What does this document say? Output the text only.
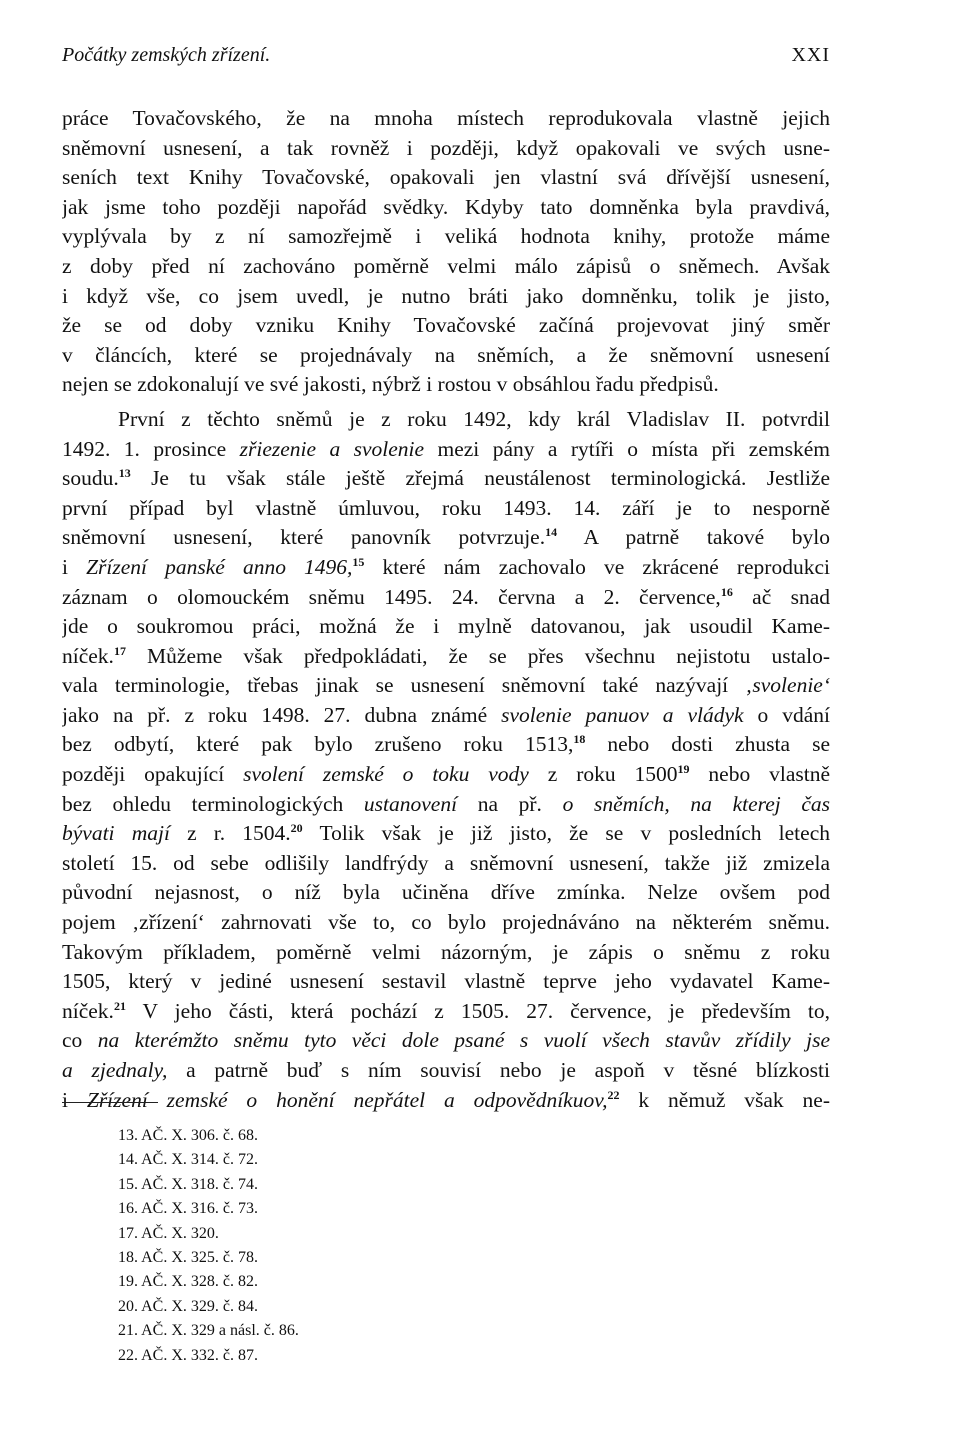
Počátky zemských zřízení.	XXI
práce Tovačovského, že na mnoha místech reprodukovala vlastně jejich
sněmovní usnesení, a tak rovněž i později, když opakovali ve svých usne-
seních text Knihy Tovačovské, opakovali jen vlastní svá dřívější usnesení,
jak jsme toho později napořád svědky. Kdyby tato domněnka byla pravdivá,
vyplývala by z ní samozřejmě i veliká hodnota knihy, protože máme
z doby před ní zachováno poměrně velmi málo zápisů o sněmech. Avšak
i když vše, co jsem uvedl, je nutno bráti jako domněnku, tolik je jisto,
že se od doby vzniku Knihy Tovačovské začíná projevovat jiný směr
v článcích, které se projednávaly na sněmích, a že sněmovní usnesení
nejen se zdokonalují ve své jakosti, nýbrž i rostou v obsáhlou řadu předpisů.
První z těchto sněmů je z roku 1492, kdy král Vladislav II. potvrdil
1492. 1. prosince zřiezenie a svolenie mezi pány a rytíři o místa při zemském
soudu.$^{13}$ Je tu však stále ještě zřejmá neustálenost terminologická. Jestliže
první případ byl vlastně úmluvou, roku 1493. 14. září je to nesporně
sněmovní usnesení, které panovník potvrzuje.$^{14}$ A patrně takové bylo
i Zřízení panské anno 1496,15 které nám zachovalo ve zkrácené reprodukci
záznam o olomouckém sněmu 1495. 24. června a 2. července,$^{16}$ ač snad
jde o soukromou práci, možná že i mylně datovanou, jak usoudil Kame-
níček.$^{17}$ Můžeme však předpokládati, že se přes všechnu nejistotu ustalo-
vala terminologie, třebas jinak se usnesení sněmovní také nazývají ‚svolenie‘
jako na př. z roku 1498. 27. dubna známé svolenie panuov a vládyk o vdání
bez odbytí, které pak bylo zrušeno roku 1513,18 nebo dosti zhusta se
později opakující svolení zemské o toku vody z roku 1500$^{19}$ nebo vlastně
bez ohledu terminologických ustanovení na př. o sněmích, na kterej čas
bývati mají z r. 1504.20 Tolik však je již jisto, že se v posledních letech
století 15. od sebe odlišily landfrýdy a sněmovní usnesení, takže již zmizela
původní nejasnost, o níž byla učiněna dříve zmínka. Nelze ovšem pod
pojem ‚zřízení‘ zahrnovati vše to, co bylo projednáváno na některém sněmu.
Takovým příkladem, poměrně velmi názorným, je zápis o sněmu z roku
1505, který v jediné usnesení sestavil vlastně teprve jeho vydavatel Kame-
níček.$^{21}$ V jeho části, která pochází z 1505. 27. července, je především to,
co na kterémžto sněmu tyto věci dole psané s vuolí všech stavův zřídily jse
a zjednaly, a patrně buď s ním souvisí nebo je aspoň v těsné blízkosti
i Zřízení zemské o honění nepřátel a odpovědníkuov,$^{22}$ k němuž však ne-
13. AČ. X. 306. č. 68.
14. AČ. X. 314. č. 72.
15. AČ. X. 318. č. 74.
16. AČ. X. 316. č. 73.
17. AČ. X. 320.
18. AČ. X. 325. č. 78.
19. AČ. X. 328. č. 82.
20. AČ. X. 329. č. 84.
21. AČ. X. 329 a násl. č. 86.
22. AČ. X. 332. č. 87.
